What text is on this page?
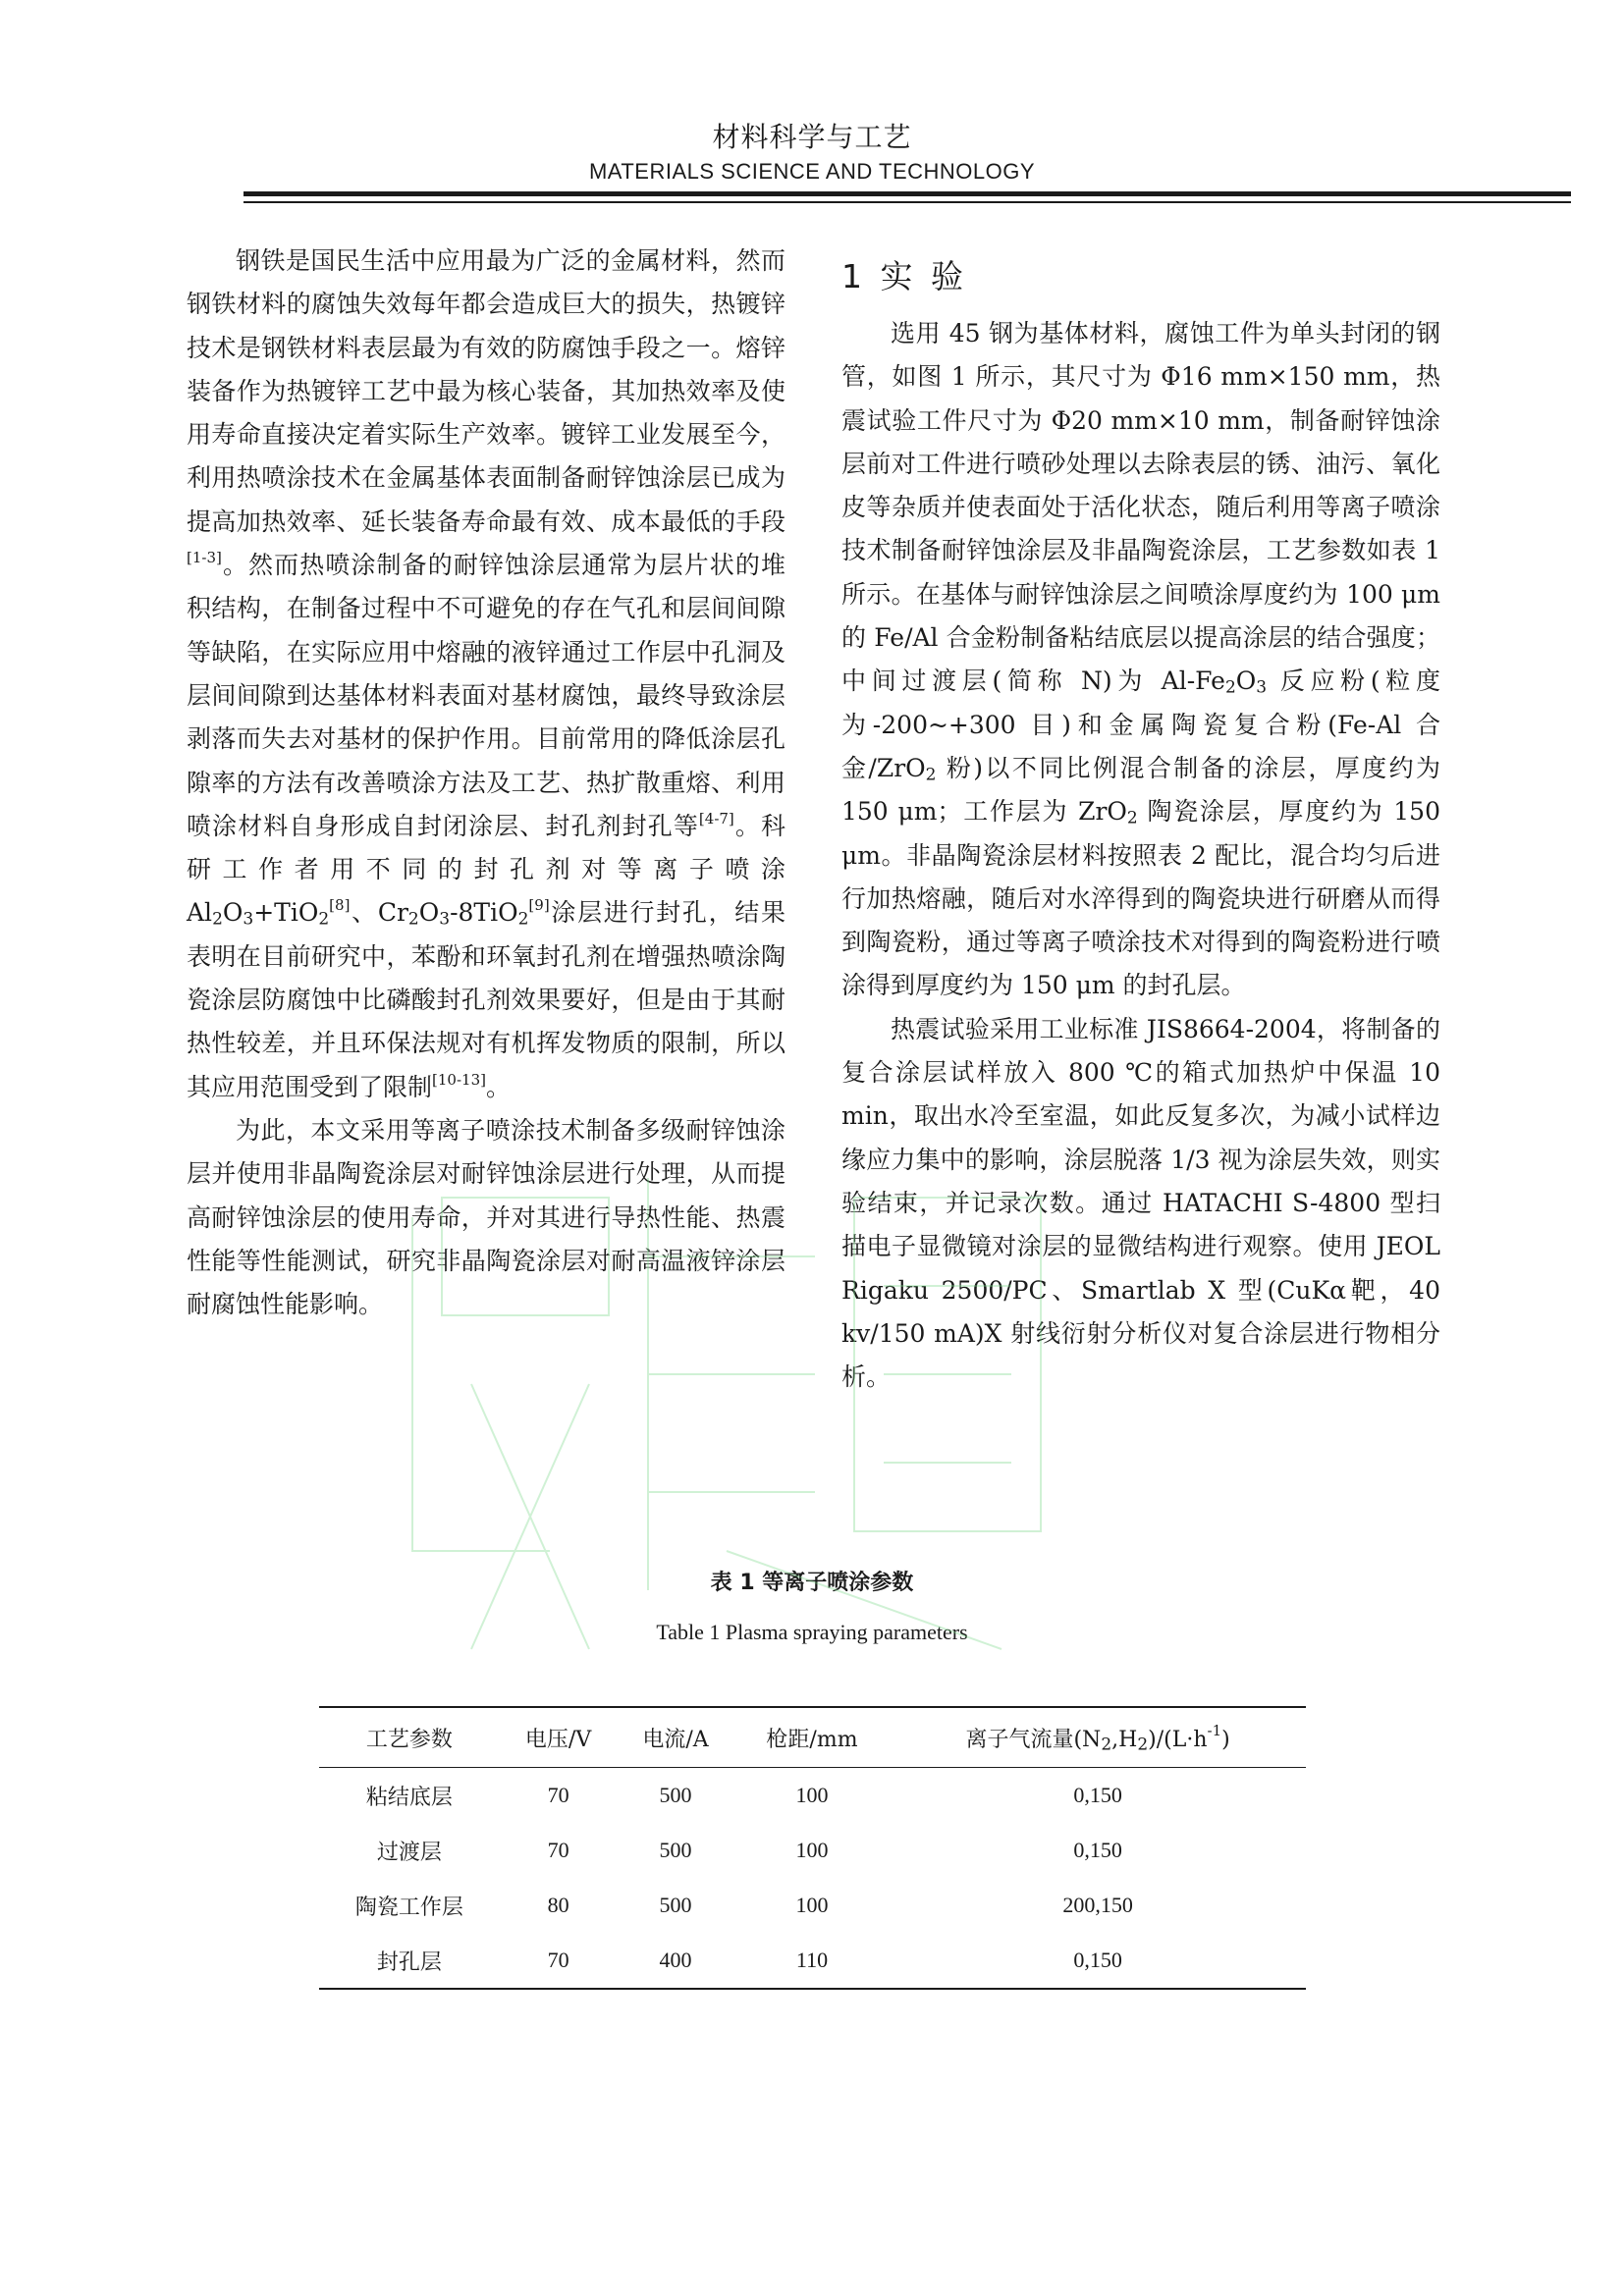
材料科学与工艺
MATERIALS SCIENCE AND TECHNOLOGY

钢铁是国民生活中应用最为广泛的金属材料，然而钢铁材料的腐蚀失效每年都会造成巨大的损失，热镀锌技术是钢铁材料表层最为有效的防腐蚀手段之一。熔锌装备作为热镀锌工艺中最为核心装备，其加热效率及使用寿命直接决定着实际生产效率。镀锌工业发展至今，利用热喷涂技术在金属基体表面制备耐锌蚀涂层已成为提高加热效率、延长装备寿命最有效、成本最低的手段[1-3]。然而热喷涂制备的耐锌蚀涂层通常为层片状的堆积结构，在制备过程中不可避免的存在气孔和层间间隙等缺陷，在实际应用中熔融的液锌通过工作层中孔洞及层间间隙到达基体材料表面对基材腐蚀，最终导致涂层剥落而失去对基材的保护作用。目前常用的降低涂层孔隙率的方法有改善喷涂方法及工艺、热扩散重熔、利用喷涂材料自身形成自封闭涂层、封孔剂封孔等[4-7]。科研工作者用不同的封孔剂对等离子喷涂$Al_2O_3+TiO_2[8]$、$Cr_2O_3-8TiO_2[9]$涂层进行封孔，结果表明在目前研究中，苯酚和环氧封孔剂在增强热喷涂陶瓷涂层防腐蚀中比磷酸封孔剂效果要好，但是由于其耐热性较差，并且环保法规对有机挥发物质的限制，所以其应用范围受到了限制[10-13]。

为此，本文采用等离子喷涂技术制备多级耐锌蚀涂层并使用非晶陶瓷涂层对耐锌蚀涂层进行处理，从而提高耐锌蚀涂层的使用寿命，并对其进行导热性能、热震性能等性能测试，研究非晶陶瓷涂层对耐高温液锌涂层耐腐蚀性能影响。

1 实 验

选用 45 钢为基体材料，腐蚀工件为单头封闭的钢管，如图 1 所示，其尺寸为 Φ16 mm×150 mm，热震试验工件尺寸为 Φ20 mm×10 mm，制备耐锌蚀涂层前对工件进行喷砂处理以去除表层的锈、油污、氧化皮等杂质并使表面处于活化状态，随后利用等离子喷涂技术制备耐锌蚀涂层及非晶陶瓷涂层，工艺参数如表 1 所示。在基体与耐锌蚀涂层之间喷涂厚度约为 100 μm 的 Fe/Al 合金粉制备粘结底层以提高涂层的结合强度；中间过渡层(简称 N)为 $Al-Fe_2O_3$ 反应粉(粒度为-200~+300 目)和金属陶瓷复合粉(Fe-Al 合金/ZrO$_2$ 粉)以不同比例混合制备的涂层，厚度约为 150 μm；工作层为 ZrO$_2$ 陶瓷涂层，厚度约为 150 μm。非晶陶瓷涂层材料按照表 2 配比，混合均匀后进行加热熔融，随后对水淬得到的陶瓷块进行研磨从而得到陶瓷粉，通过等离子喷涂技术对得到的陶瓷粉进行喷涂得到厚度约为 150 μm 的封孔层。

热震试验采用工业标准 JIS8664-2004，将制备的复合涂层试样放入 800 ℃的箱式加热炉中保温 10 min，取出水冷至室温，如此反复多次，为减小试样边缘应力集中的影响，涂层脱落 1/3 视为涂层失效，则实验结束，并记录次数。通过 HATACHI S-4800 型扫描电子显微镜对涂层的显微结构进行观察。使用 JEOL Rigaku 2500/PC、Smartlab X 型(CuKα靶，40 kv/150 mA)X 射线衍射分析仪对复合涂层进行物相分析。

表 1 等离子喷涂参数
Table 1 Plasma spraying parameters
工艺参数	电压/V	电流/A	枪距/mm	离子气流量$(N_2,H_2)/(L\cdot h^{-1})$
粘结底层	70	500	100	0,150
过渡层	70	500	100	0,150
陶瓷工作层	80	500	100	200,150
封孔层	70	400	110	0,150
